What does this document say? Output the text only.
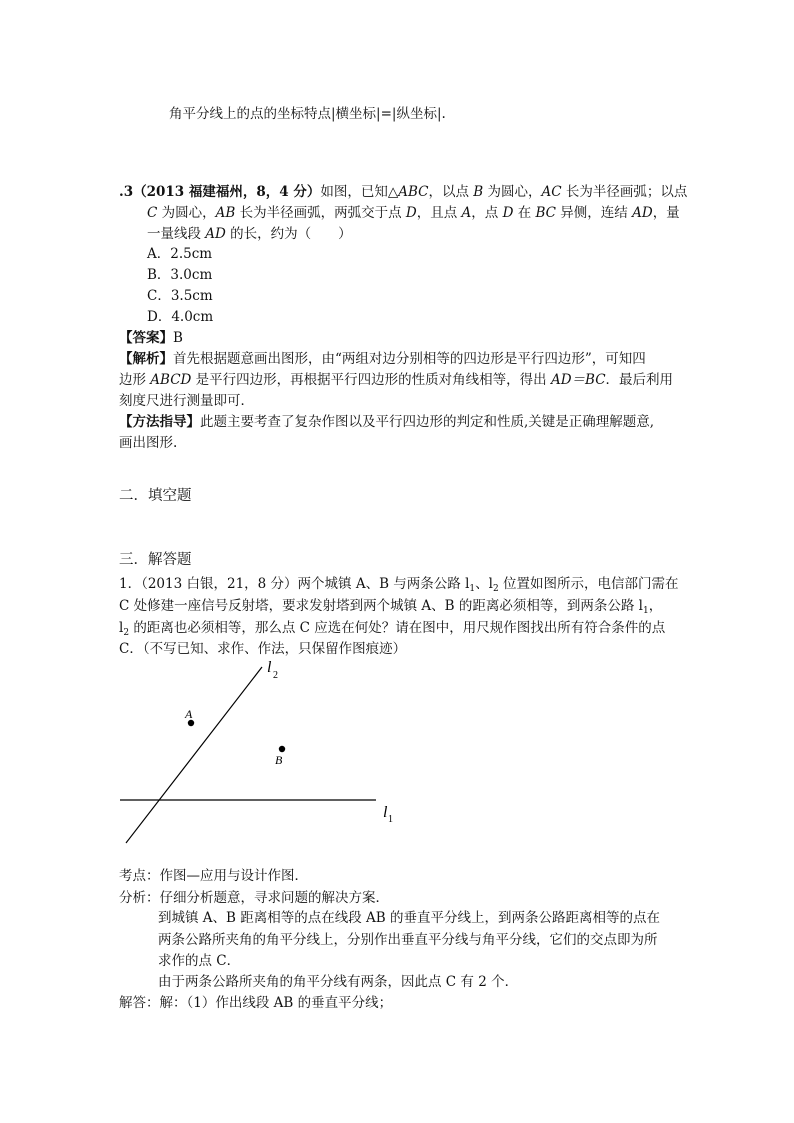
角平分线上的点的坐标特点|横坐标|=|纵坐标|.
.3（2013 福建福州，8，4 分）如图，已知△ABC，以点 B 为圆心，AC 长为半径画弧；以点
C 为圆心，AB 长为半径画弧，两弧交于点 D，且点 A，点 D 在 BC 异侧，连结 AD，量
一量线段 AD 的长，约为（　　）
A．2.5cm
B．3.0cm
C．3.5cm
D．4.0cm
【答案】B
【解析】首先根据题意画出图形，由“两组对边分别相等的四边形是平行四边形”，可知四
边形 ABCD 是平行四边形，再根据平行四边形的性质对角线相等，得出 AD＝BC．最后利用
刻度尺进行测量即可．
【方法指导】此题主要考查了复杂作图以及平行四边形的判定和性质,关键是正确理解题意,
画出图形.
二．填空题
三．解答题
1．（2013 白银，21，8 分）两个城镇 A、B 与两条公路 $l_1$、$l_2$ 位置如图所示，电信部门需在
C 处修建一座信号反射塔，要求发射塔到两个城镇 A、B 的距离必须相等，到两条公路 $l_1$，
$l_2$ 的距离也必须相等，那么点 C 应选在何处？请在图中，用尺规作图找出所有符合条件的点
C．（不写已知、求作、作法，只保留作图痕迹）
A
B
l 2
l 1
考点：作图—应用与设计作图．
分析：仔细分析题意，寻求问题的解决方案．
到城镇 A、B 距离相等的点在线段 AB 的垂直平分线上，到两条公路距离相等的点在
两条公路所夹角的角平分线上，分别作出垂直平分线与角平分线，它们的交点即为所
求作的点 C．
由于两条公路所夹角的角平分线有两条，因此点 C 有 2 个．
解答：解：（1）作出线段 AB 的垂直平分线；
